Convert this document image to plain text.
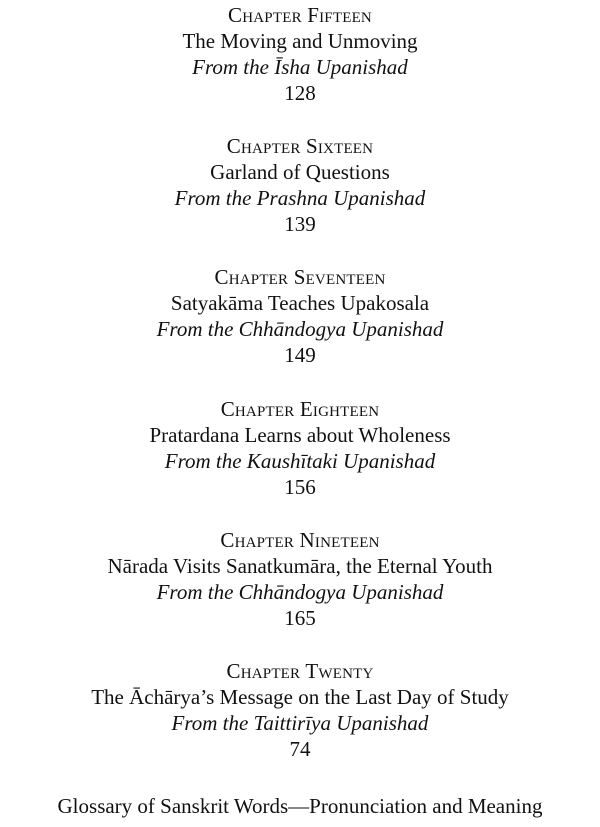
Chapter Fifteen
The Moving and Unmoving
From the Īsha Upanishad
128
Chapter Sixteen
Garland of Questions
From the Prashna Upanishad
139
Chapter Seventeen
Satyakāma Teaches Upakosala
From the Chhāndogya Upanishad
149
Chapter Eighteen
Pratardana Learns about Wholeness
From the Kaushītaki Upanishad
156
Chapter Nineteen
Nārada Visits Sanatkumāra, the Eternal Youth
From the Chhāndogya Upanishad
165
Chapter Twenty
The Āchārya’s Message on the Last Day of Study
From the Taittirīya Upanishad
74
Glossary of Sanskrit Words—Pronunciation and Meaning
